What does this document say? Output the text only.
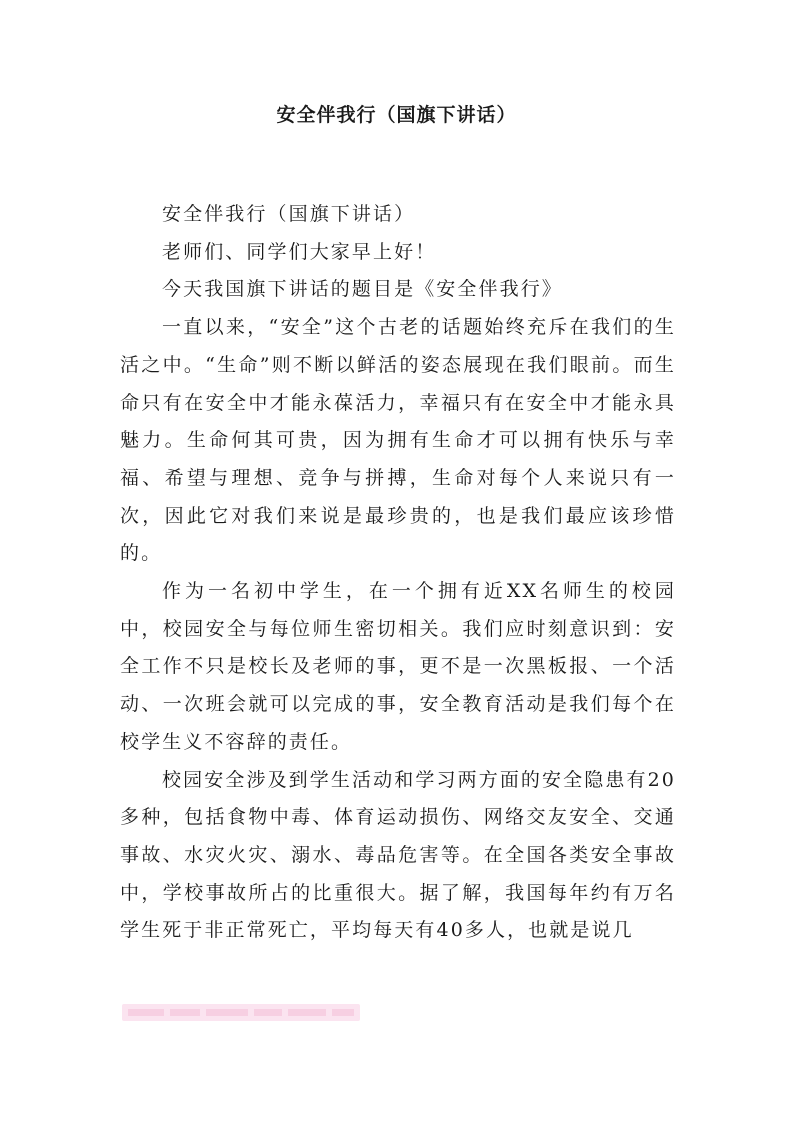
安全伴我行（国旗下讲话）

安全伴我行（国旗下讲话）

老师们、同学们大家早上好！

今天我国旗下讲话的题目是《安全伴我行》

一直以来，“安全”这个古老的话题始终充斥在我们的生活之中。“生命”则不断以鲜活的姿态展现在我们眼前。而生命只有在安全中才能永葆活力，幸福只有在安全中才能永具魅力。生命何其可贵，因为拥有生命才可以拥有快乐与幸福、希望与理想、竞争与拼搏，生命对每个人来说只有一次，因此它对我们来说是最珍贵的，也是我们最应该珍惜的。

作为一名初中学生，在一个拥有近XX名师生的校园中，校园安全与每位师生密切相关。我们应时刻意识到：安全工作不只是校长及老师的事，更不是一次黑板报、一个活动、一次班会就可以完成的事，安全教育活动是我们每个在校学生义不容辞的责任。

校园安全涉及到学生活动和学习两方面的安全隐患有20多种，包括食物中毒、体育运动损伤、网络交友安全、交通事故、水灾火灾、溺水、毒品危害等。在全国各类安全事故中，学校事故所占的比重很大。据了解，我国每年约有万名学生死于非正常死亡，平均每天有40多人，也就是说几
